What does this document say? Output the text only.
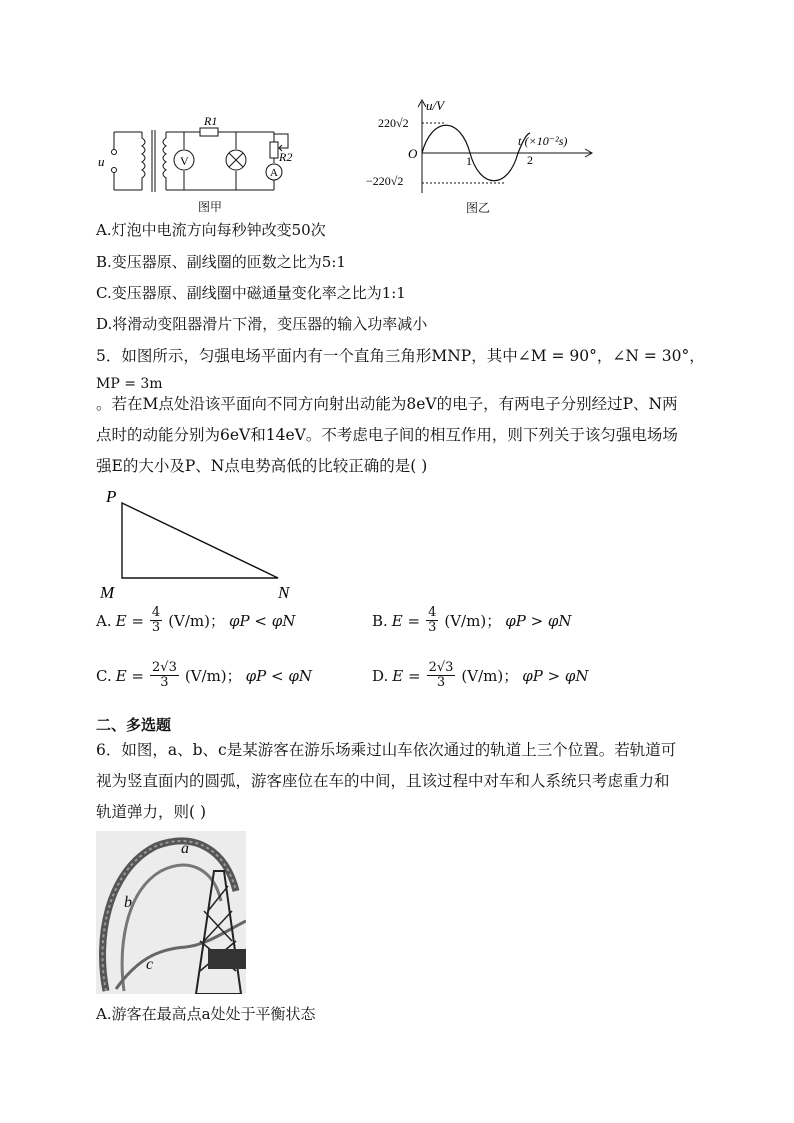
u
R1
V	R2
A
图甲
u/V
t/(×10⁻²s)
O
220√2
−220√2
1	2
图乙
A.灯泡中电流方向每秒钟改变50次
B.变压器原、副线圈的匝数之比为5:1
C.变压器原、副线圈中磁通量变化率之比为1:1
D.将滑动变阻器滑片下滑，变压器的输入功率减小
5．如图所示，匀强电场平面内有一个直角三角形MNP，其中∠M = 90°，∠N = 30°，
MP = 3m
。若在M点处沿该平面向不同方向射出动能为8eV的电子，有两电子分别经过P、N两
点时的动能分别为6eV和14eV。不考虑电子间的相互作用，则下列关于该匀强电场场
强E的大小及P、N点电势高低的比较正确的是( )
P
M	N
A. $E = \frac{4}{3} (V/m)$； φP < φN	B. $E = \frac{4}{3} (V/m)$； φP > φN
C. $E = \frac{2√3}{3} (V/m)$； φP < φN	D. $E = \frac{2√3}{3} (V/m)$； φP > φN
二、多选题
6．如图，a、b、c是某游客在游乐场乘过山车依次通过的轨道上三个位置。若轨道可
视为竖直面内的圆弧，游客座位在车的中间，且该过程中对车和人系统只考虑重力和
轨道弹力，则( )
a
b
c
A.游客在最高点a处处于平衡状态
